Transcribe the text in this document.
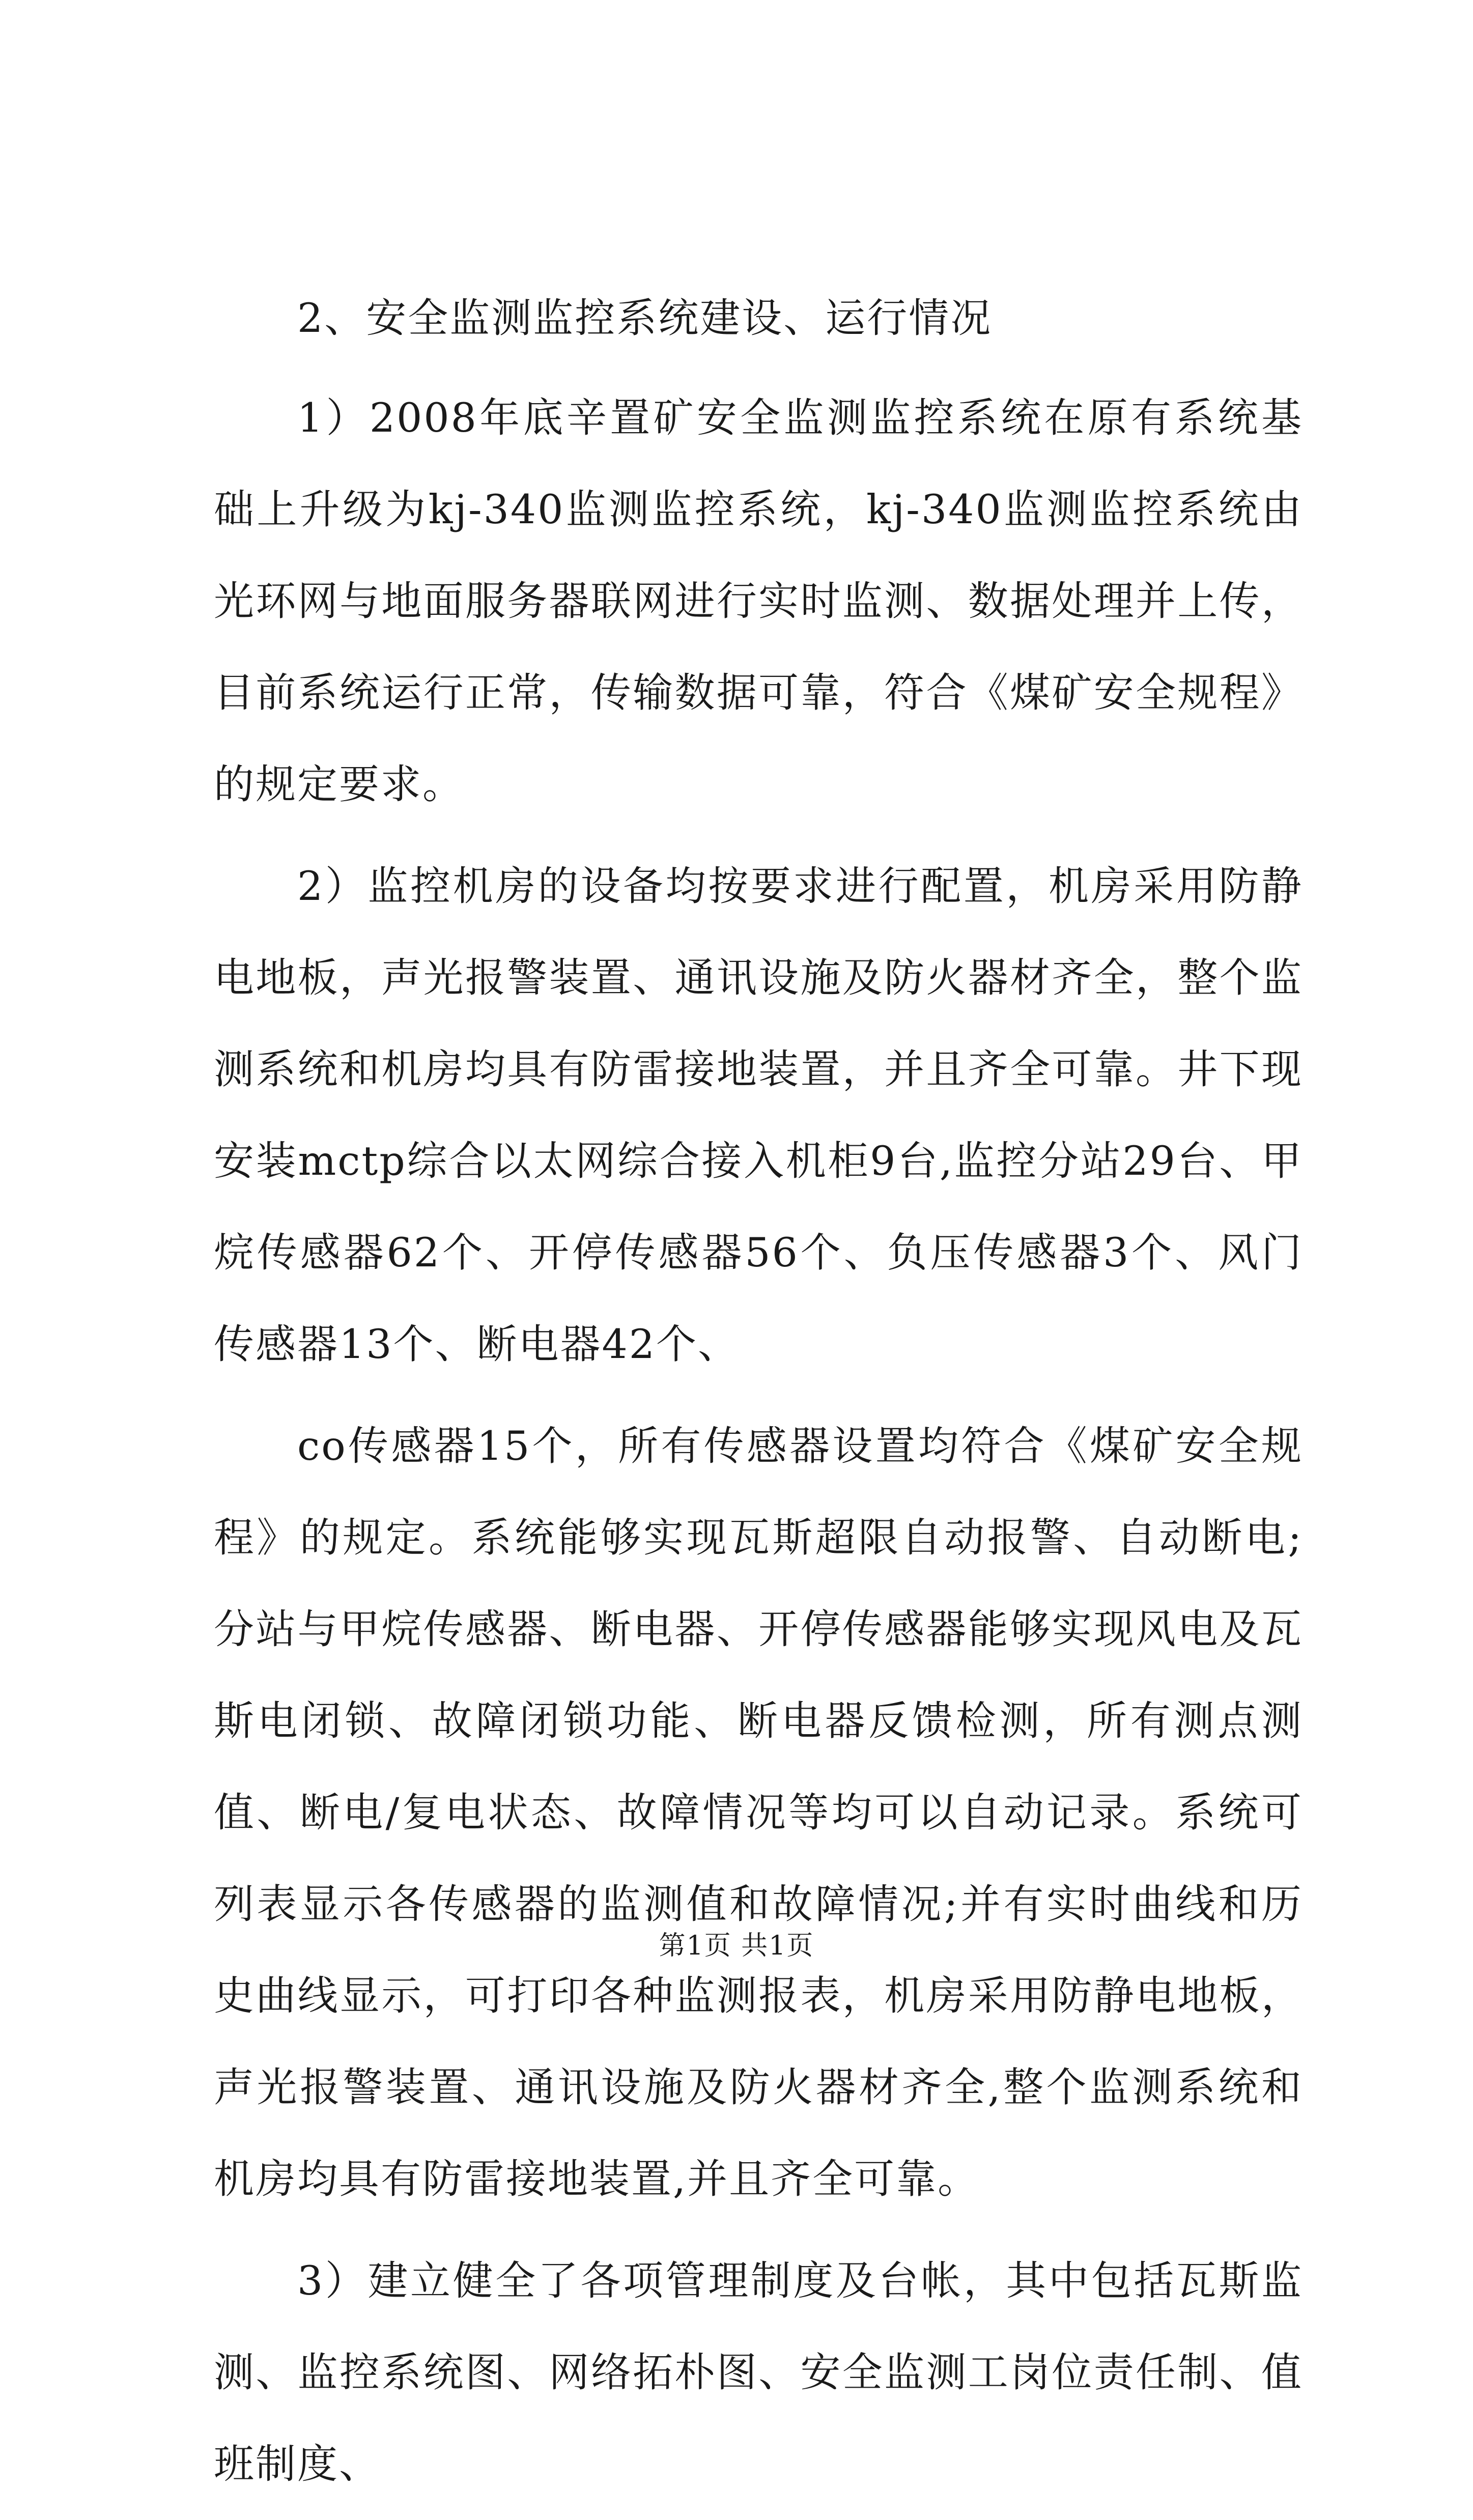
2、安全监测监控系统建设、运行情况

1）2008年底辛置矿安全监测监控系统在原有系统基础上升级为kj-340监测监控系统，kj-340监测监控系统由光环网与地面服务器联网进行实时监测、数据处理并上传，目前系统运行正常，传输数据可靠，符合《煤矿安全规程》的规定要求。

2）监控机房的设备均按要求进行配置，机房采用防静电地板，声光报警装置、通讯设施及防火器材齐全，整个监测系统和机房均具有防雷接地装置，并且齐全可靠。井下现安装mctp综合以太网综合接入机柜9台,监控分站29台、甲烷传感器62个、开停传感器56个、负压传感器3个、风门传感器13个、断电器42个、

co传感器15个，所有传感器设置均符合《煤矿安全规程》的规定。系统能够实现瓦斯超限自动报警、自动断电;分站与甲烷传感器、断电器、开停传感器能够实现风电及瓦斯电闭锁、故障闭锁功能、断电器反馈检测，所有测点测值、断电/复电状态、故障情况等均可以自动记录。系统可列表显示各传感器的监测值和故障情况;并有实时曲线和历史曲线显示，可打印各种监测报表，机房采用防静电地板，声光报警装置、通讯设施及防火器材齐全,整个监测系统和机房均具有防雷接地装置,并且齐全可靠。

3）建立健全了各项管理制度及台帐，其中包括瓦斯监测、监控系统图、网络拓朴图、安全监测工岗位责任制、值班制度、

第1页 共1页
